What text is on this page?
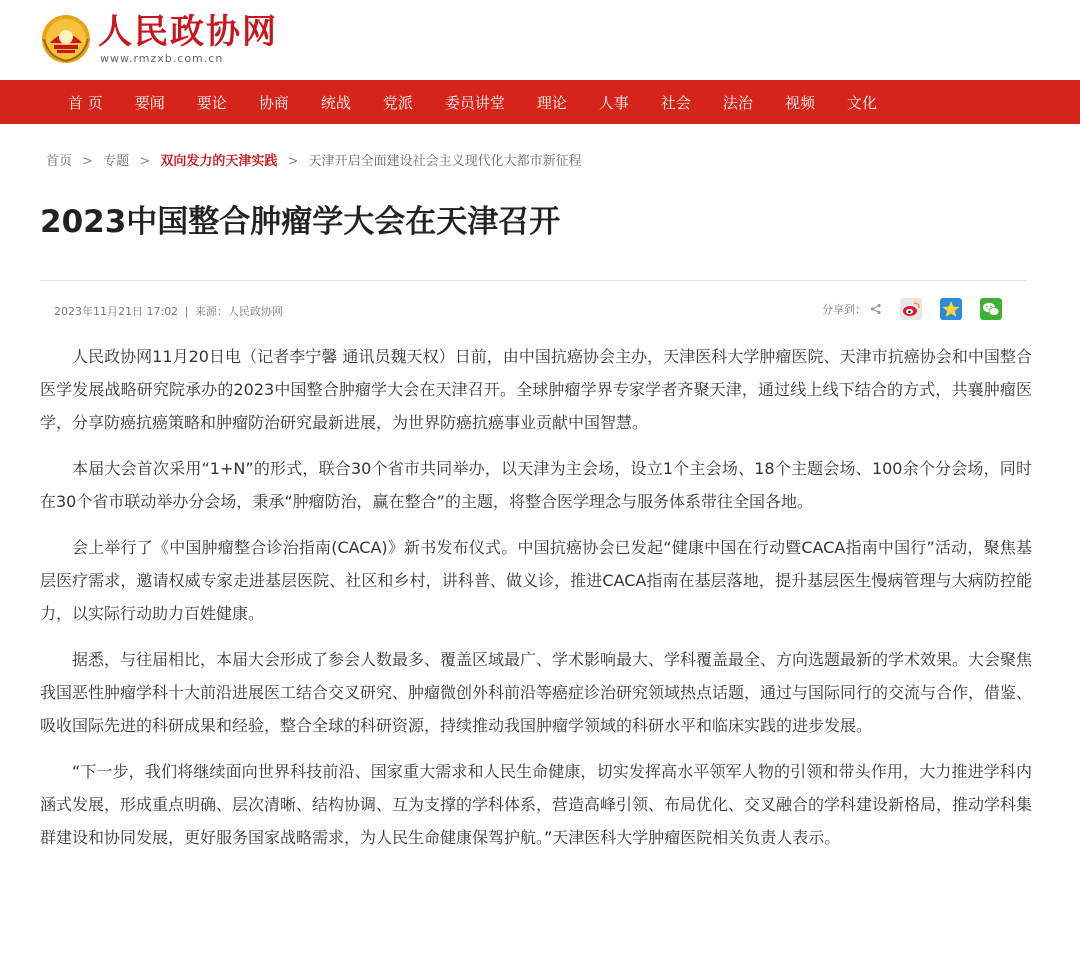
人民政协网
www.rmzxb.com.cn
首 页	要闻	要论	协商	统战	党派	委员讲堂	理论	人事	社会	法治	视频	文化
首页 > 专题 > 双向发力的天津实践 > 天津开启全面建设社会主义现代化大都市新征程
2023中国整合肿瘤学大会在天津召开
2023年11月21日 17:02 | 来源：人民政协网	分享到：

人民政协网11月20日电（记者李宁馨 通讯员魏天权）日前，由中国抗癌协会主办，天津医科大学肿瘤医院、天津市抗癌协会和中国整合医学发展战略研究院承办的2023中国整合肿瘤学大会在天津召开。全球肿瘤学界专家学者齐聚天津，通过线上线下结合的方式，共襄肿瘤医学，分享防癌抗癌策略和肿瘤防治研究最新进展，为世界防癌抗癌事业贡献中国智慧。

本届大会首次采用“1+N”的形式，联合30个省市共同举办，以天津为主会场，设立1个主会场、18个主题会场、100余个分会场，同时在30个省市联动举办分会场，秉承“肿瘤防治，赢在整合”的主题，将整合医学理念与服务体系带往全国各地。

会上举行了《中国肿瘤整合诊治指南(CACA)》新书发布仪式。中国抗癌协会已发起“健康中国在行动暨CACA指南中国行”活动，聚焦基层医疗需求，邀请权威专家走进基层医院、社区和乡村，讲科普、做义诊，推进CACA指南在基层落地，提升基层医生慢病管理与大病防控能力，以实际行动助力百姓健康。

据悉，与往届相比，本届大会形成了参会人数最多、覆盖区域最广、学术影响最大、学科覆盖最全、方向选题最新的学术效果。大会聚焦我国恶性肿瘤学科十大前沿进展医工结合交叉研究、肿瘤微创外科前沿等癌症诊治研究领域热点话题，通过与国际同行的交流与合作，借鉴、吸收国际先进的科研成果和经验，整合全球的科研资源，持续推动我国肿瘤学领域的科研水平和临床实践的进步发展。

“下一步，我们将继续面向世界科技前沿、国家重大需求和人民生命健康，切实发挥高水平领军人物的引领和带头作用，大力推进学科内涵式发展，形成重点明确、层次清晰、结构协调、互为支撑的学科体系，营造高峰引领、布局优化、交叉融合的学科建设新格局，推动学科集群建设和协同发展，更好服务国家战略需求，为人民生命健康保驾护航。”天津医科大学肿瘤医院相关负责人表示。
